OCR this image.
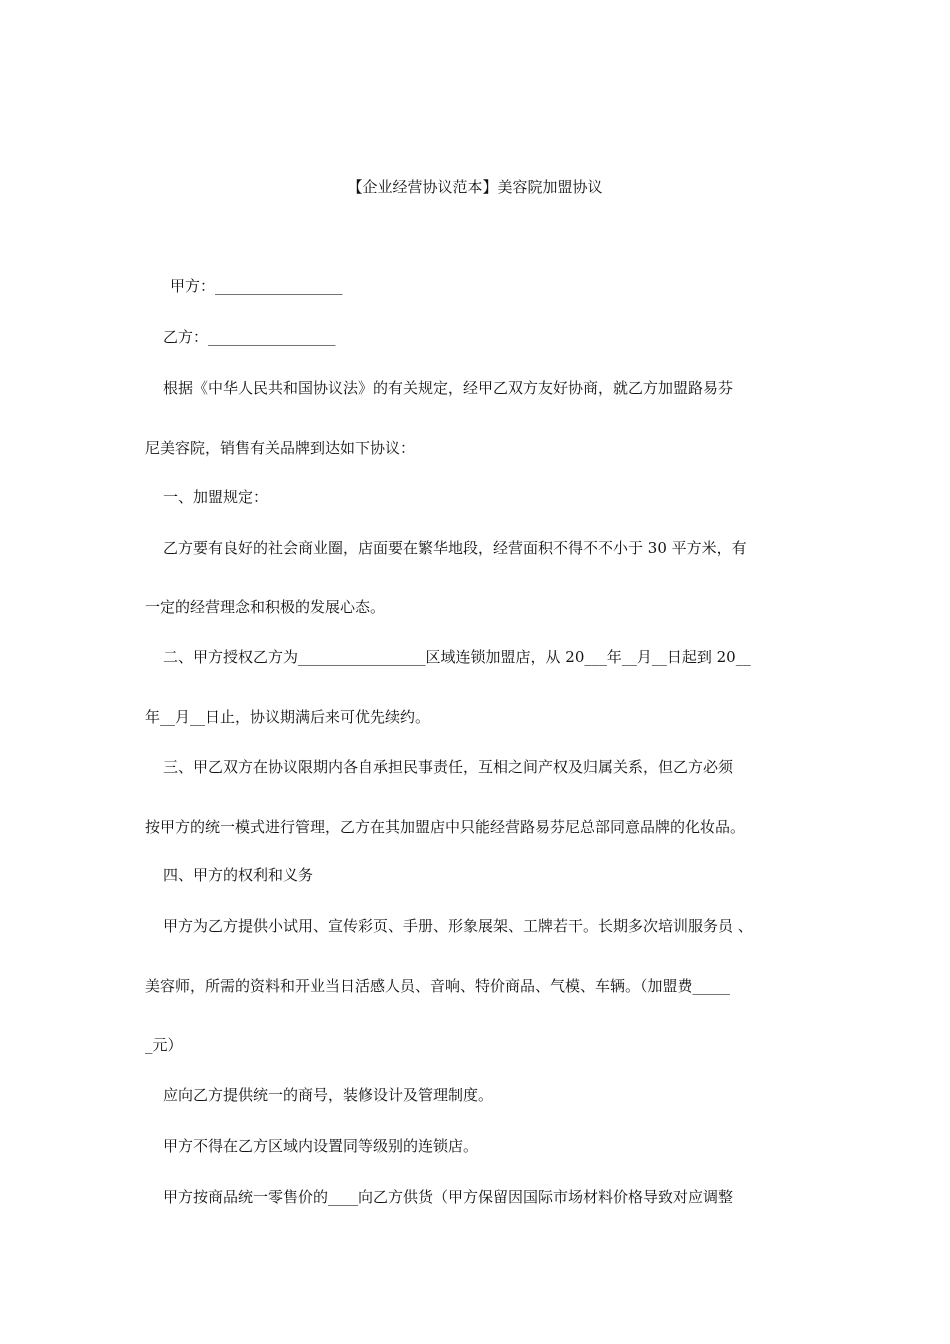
【企业经营协议范本】美容院加盟协议
甲方：_________________
乙方：_________________
根据《中华人民共和国协议法》的有关规定，经甲乙双方友好协商，就乙方加盟路易芬
尼美容院，销售有关品牌到达如下协议：
一、加盟规定：
乙方要有良好的社会商业圈，店面要在繁华地段，经营面积不得不不小于 30 平方米，有
一定的经营理念和积极的发展心态。
二、甲方授权乙方为_________________区域连锁加盟店，从 20___年__月__日起到 20__
年__月__日止，协议期满后来可优先续约。
三、甲乙双方在协议限期内各自承担民事责任，互相之间产权及归属关系，但乙方必须
按甲方的统一模式进行管理，乙方在其加盟店中只能经营路易芬尼总部同意品牌的化妆品。
四、甲方的权利和义务
甲方为乙方提供小试用、宣传彩页、手册、形象展架、工牌若干。长期多次培训服务员 、
美容师，所需的资料和开业当日活感人员、音响、特价商品、气模、车辆。（加盟费_____
_元）
应向乙方提供统一的商号，装修设计及管理制度。
甲方不得在乙方区域内设置同等级别的连锁店。
甲方按商品统一零售价的____向乙方供货（甲方保留因国际市场材料价格导致对应调整
